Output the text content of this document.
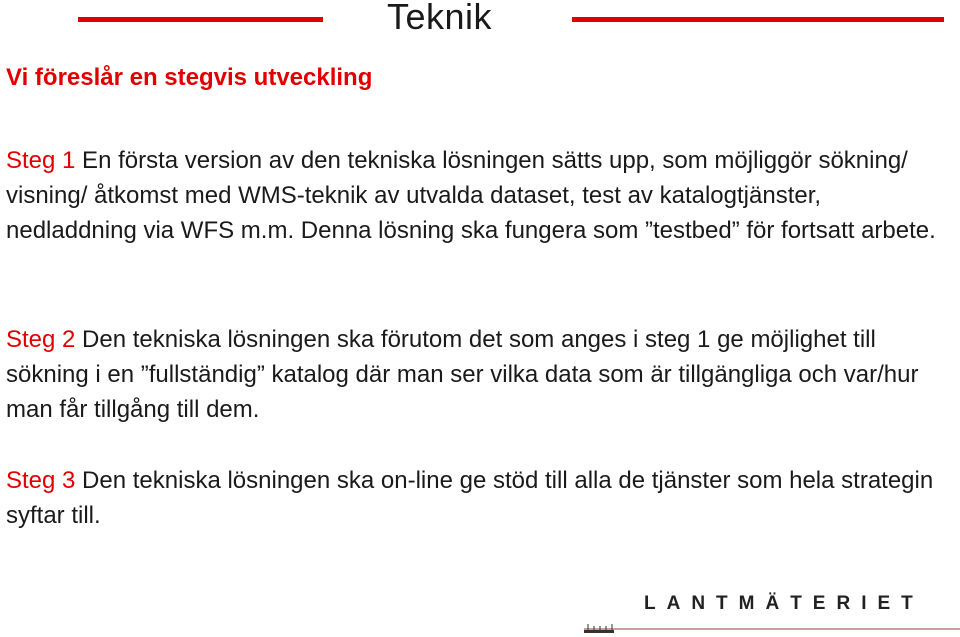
Teknik
Vi föreslår en stegvis utveckling

Steg 1 En första version av den tekniska lösningen sätts upp, som möjliggör sökning/ visning/ åtkomst med WMS-teknik av utvalda dataset, test av katalogtjänster, nedladdning via WFS m.m. Denna lösning ska fungera som ”testbed” för fortsatt arbete.

Steg 2 Den tekniska lösningen ska förutom det som anges i steg 1 ge möjlighet till sökning i en ”fullständig” katalog där man ser vilka data som är tillgängliga och var/hur man får tillgång till dem.

Steg 3 Den tekniska lösningen ska on-line ge stöd till alla de tjänster som hela strategin syftar till.

LANTMÄTERIET
